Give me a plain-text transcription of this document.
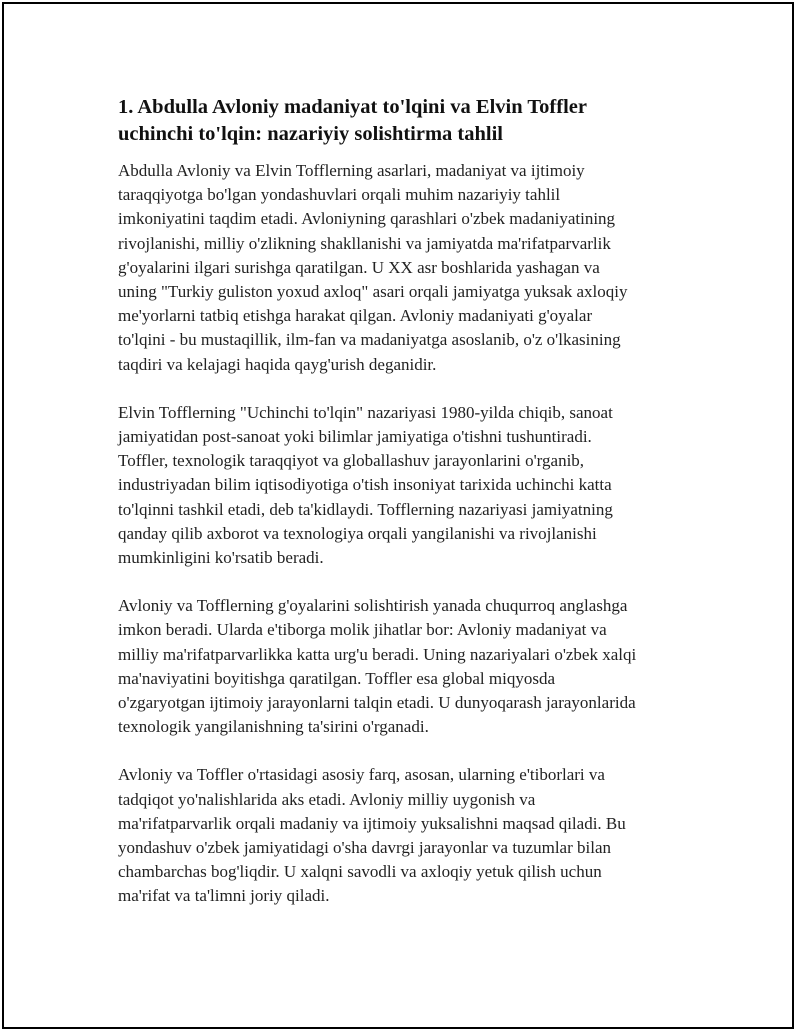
1. Abdulla Avloniy madaniyat to'lqini va Elvin Toffler
uchinchi to'lqin: nazariyiy solishtirma tahlil

Abdulla Avloniy va Elvin Tofflerning asarlari, madaniyat va ijtimoiy
taraqqiyotga bo'lgan yondashuvlari orqali muhim nazariyiy tahlil
imkoniyatini taqdim etadi. Avloniyning qarashlari o'zbek madaniyatining
rivojlanishi, milliy o'zlikning shakllanishi va jamiyatda ma'rifatparvarlik
g'oyalarini ilgari surishga qaratilgan. U XX asr boshlarida yashagan va
uning "Turkiy guliston yoxud axloq" asari orqali jamiyatga yuksak axloqiy
me'yorlarni tatbiq etishga harakat qilgan. Avloniy madaniyati g'oyalar
to'lqini - bu mustaqillik, ilm-fan va madaniyatga asoslanib, o'z o'lkasining
taqdiri va kelajagi haqida qayg'urish deganidir.

Elvin Tofflerning "Uchinchi to'lqin" nazariyasi 1980-yilda chiqib, sanoat
jamiyatidan post-sanoat yoki bilimlar jamiyatiga o'tishni tushuntiradi.
Toffler, texnologik taraqqiyot va globallashuv jarayonlarini o'rganib,
industriyadan bilim iqtisodiyotiga o'tish insoniyat tarixida uchinchi katta
to'lqinni tashkil etadi, deb ta'kidlaydi. Tofflerning nazariyasi jamiyatning
qanday qilib axborot va texnologiya orqali yangilanishi va rivojlanishi
mumkinligini ko'rsatib beradi.

Avloniy va Tofflerning g'oyalarini solishtirish yanada chuqurroq anglashga
imkon beradi. Ularda e'tiborga molik jihatlar bor: Avloniy madaniyat va
milliy ma'rifatparvarlikka katta urg'u beradi. Uning nazariyalari o'zbek xalqi
ma'naviyatini boyitishga qaratilgan. Toffler esa global miqyosda
o'zgaryotgan ijtimoiy jarayonlarni talqin etadi. U dunyoqarash jarayonlarida
texnologik yangilanishning ta'sirini o'rganadi.

Avloniy va Toffler o'rtasidagi asosiy farq, asosan, ularning e'tiborlari va
tadqiqot yo'nalishlarida aks etadi. Avloniy milliy uygonish va
ma'rifatparvarlik orqali madaniy va ijtimoiy yuksalishni maqsad qiladi. Bu
yondashuv o'zbek jamiyatidagi o'sha davrgi jarayonlar va tuzumlar bilan
chambarchas bog'liqdir. U xalqni savodli va axloqiy yetuk qilish uchun
ma'rifat va ta'limni joriy qiladi.
